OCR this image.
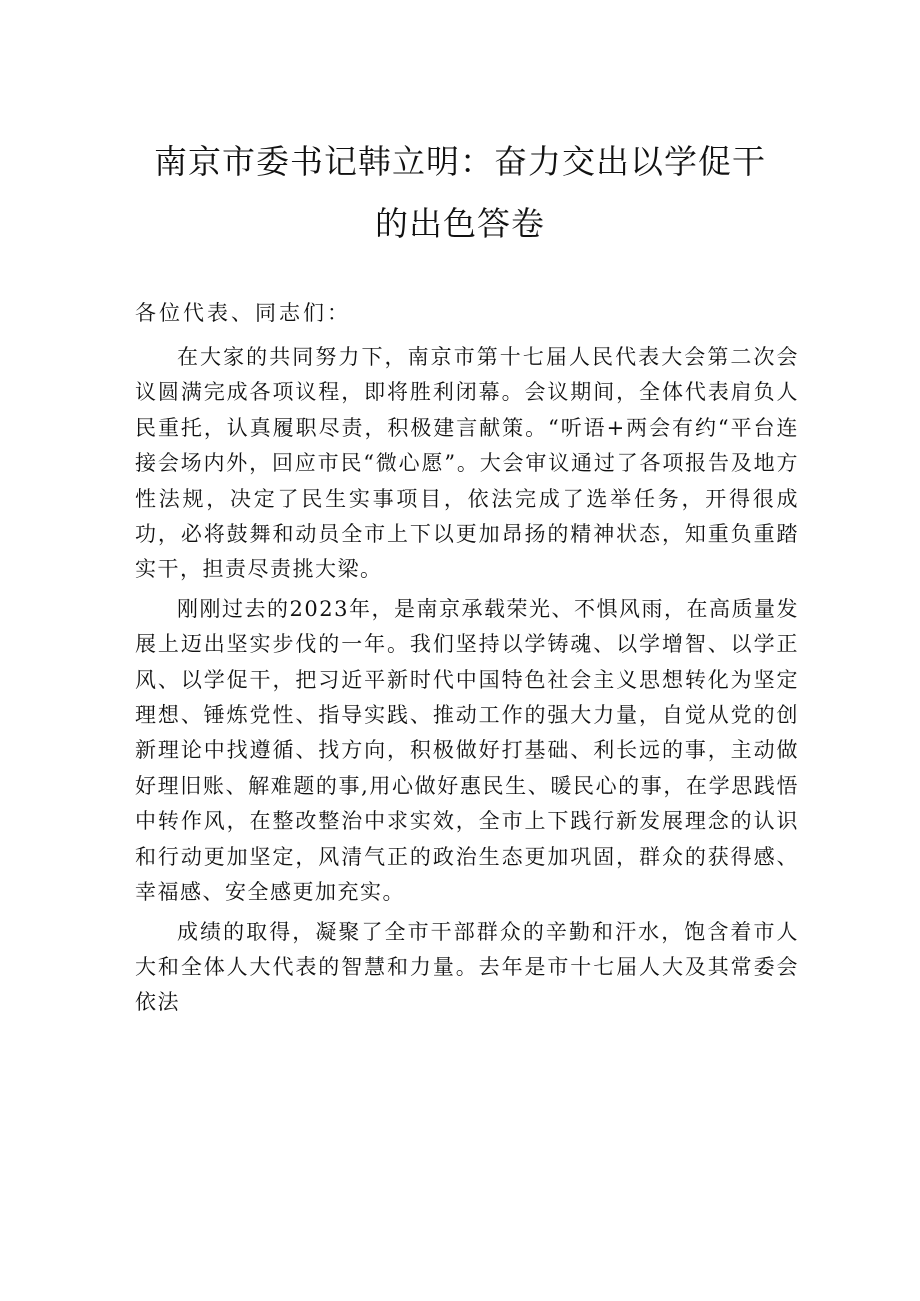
南京市委书记韩立明：奋力交出以学促干
的出色答卷

各位代表、同志们：

在大家的共同努力下，南京市第十七届人民代表大会第二次会议圆满完成各项议程，即将胜利闭幕。会议期间，全体代表肩负人民重托，认真履职尽责，积极建言献策。“听语+两会有约“平台连接会场内外，回应市民“微心愿”。大会审议通过了各项报告及地方性法规，决定了民生实事项目，依法完成了选举任务，开得很成功，必将鼓舞和动员全市上下以更加昂扬的精神状态，知重负重踏实干，担责尽责挑大梁。

刚刚过去的2023年，是南京承载荣光、不惧风雨，在高质量发展上迈出坚实步伐的一年。我们坚持以学铸魂、以学增智、以学正风、以学促干，把习近平新时代中国特色社会主义思想转化为坚定理想、锤炼党性、指导实践、推动工作的强大力量，自觉从党的创新理论中找遵循、找方向，积极做好打基础、利长远的事，主动做好理旧账、解难题的事,用心做好惠民生、暖民心的事，在学思践悟中转作风，在整改整治中求实效，全市上下践行新发展理念的认识和行动更加坚定，风清气正的政治生态更加巩固，群众的获得感、幸福感、安全感更加充实。

成绩的取得，凝聚了全市干部群众的辛勤和汗水，饱含着市人大和全体人大代表的智慧和力量。去年是市十七届人大及其常委会依法
